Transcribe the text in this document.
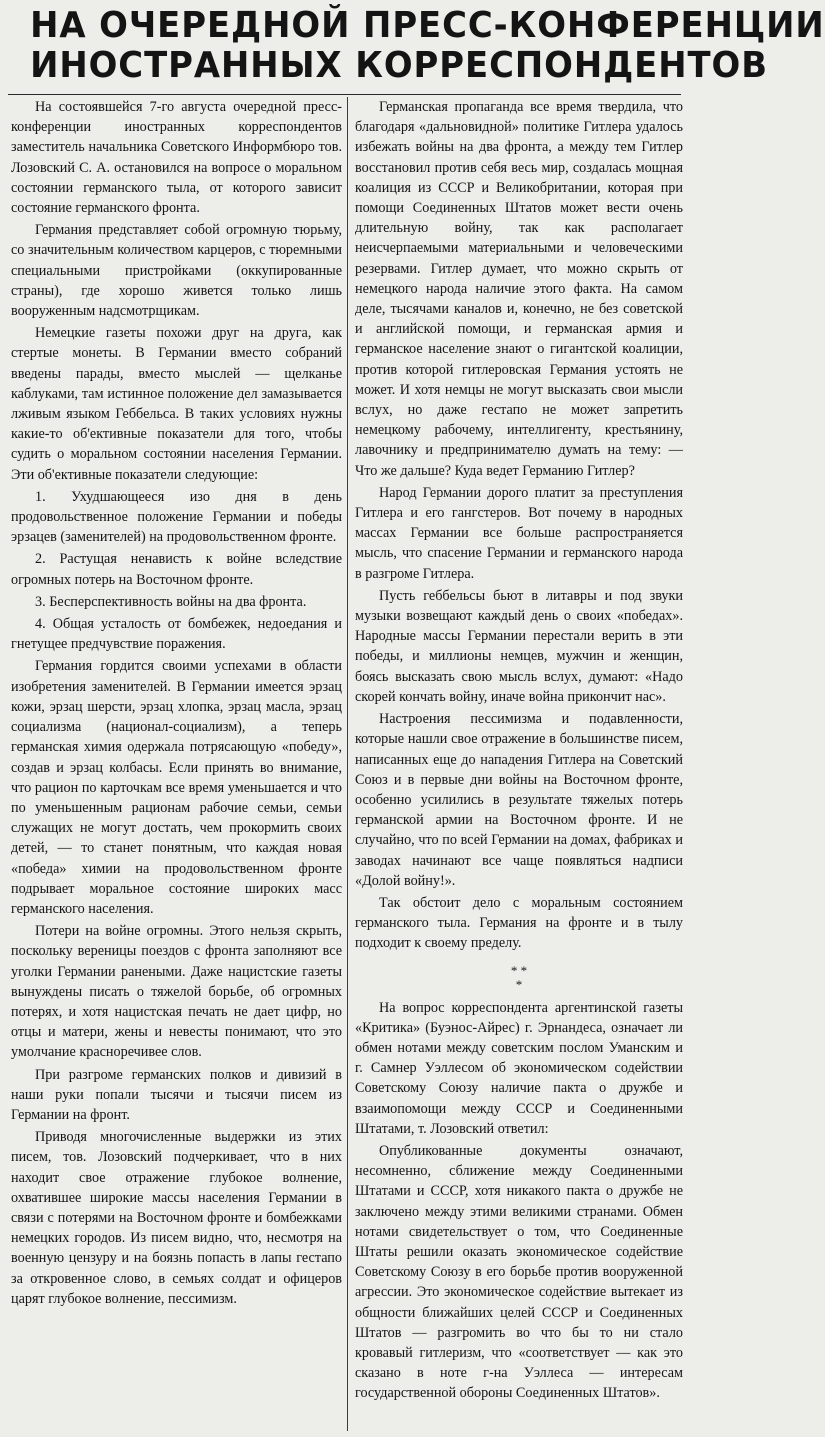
НА ОЧЕРЕДНОЙ ПРЕСС-КОНФЕРЕНЦИИ
ИНОСТРАННЫХ КОРРЕСПОНДЕНТОВ

На состоявшейся 7-го августа очередной пресс-конференции иностранных корреспондентов заместитель начальника Советского Информбюро тов. Лозовский С. А. остановился на вопросе о моральном состоянии германского тыла, от которого зависит состояние германского фронта.

Германия представляет собой огромную тюрьму, со значительным количеством карцеров, с тюремными специальными пристройками (оккупированные страны), где хорошо живется только лишь вооруженным надсмотрщикам.

Немецкие газеты похожи друг на друга, как стертые монеты. В Германии вместо собраний введены парады, вместо мыслей — щелканье каблуками, там истинное положение дел замазывается лживым языком Геббельса. В таких условиях нужны какие-то об'ективные показатели для того, чтобы судить о моральном состоянии населения Германии. Эти об'ективные показатели следующие:

1. Ухудшающееся изо дня в день продовольственное положение Германии и победы эрзацев (заменителей) на продовольственном фронте.

2. Растущая ненависть к войне вследствие огромных потерь на Восточном фронте.

3. Бесперспективность войны на два фронта.

4. Общая усталость от бомбежек, недоедания и гнетущее предчувствие поражения.

Германия гордится своими успехами в области изобретения заменителей. В Германии имеется эрзац кожи, эрзац шерсти, эрзац хлопка, эрзац масла, эрзац социализма (национал-социализм), а теперь германская химия одержала потрясающую «победу», создав и эрзац колбасы. Если принять во внимание, что рацион по карточкам все время уменьшается и что по уменьшенным рационам рабочие семьи, семьи служащих не могут достать, чем прокормить своих детей, — то станет понятным, что каждая новая «победа» химии на продовольственном фронте подрывает моральное состояние широких масс германского населения.

Потери на войне огромны. Этого нельзя скрыть, поскольку вереницы поездов с фронта заполняют все уголки Германии ранеными. Даже нацистские газеты вынуждены писать о тяжелой борьбе, об огромных потерях, и хотя нацистская печать не дает цифр, но отцы и матери, жены и невесты понимают, что это умолчание красноречивее слов.

При разгроме германских полков и дивизий в наши руки попали тысячи и тысячи писем из Германии на фронт.

Приводя многочисленные выдержки из этих писем, тов. Лозовский подчеркивает, что в них находит свое отражение глубокое волнение, охватившее широкие массы населения Германии в связи с потерями на Восточном фронте и бомбежками немецких городов. Из писем видно, что, несмотря на военную цензуру и на боязнь попасть в лапы гестапо за откровенное слово, в семьях солдат и офицеров царят глубокое волнение, пессимизм.

Германская пропаганда все время твердила, что благодаря «дальновидной» политике Гитлера удалось избежать войны на два фронта, а между тем Гитлер восстановил против себя весь мир, создалась мощная коалиция из СССР и Великобритании, которая при помощи Соединенных Штатов может вести очень длительную войну, так как располагает неисчерпаемыми материальными и человеческими резервами. Гитлер думает, что можно скрыть от немецкого народа наличие этого факта. На самом деле, тысячами каналов и, конечно, не без советской и английской помощи, и германская армия и германское население знают о гигантской коалиции, против которой гитлеровская Германия устоять не может. И хотя немцы не могут высказать свои мысли вслух, но даже гестапо не может запретить немецкому рабочему, интеллигенту, крестьянину, лавочнику и предпринимателю думать на тему: — Что же дальше? Куда ведет Германию Гитлер?

Народ Германии дорого платит за преступления Гитлера и его гангстеров. Вот почему в народных массах Германии все больше распространяется мысль, что спасение Германии и германского народа в разгроме Гитлера.

Пусть геббельсы бьют в литавры и под звуки музыки возвещают каждый день о своих «победах». Народные массы Германии перестали верить в эти победы, и миллионы немцев, мужчин и женщин, боясь высказать свою мысль вслух, думают: «Надо скорей кончать войну, иначе война прикончит нас».

Настроения пессимизма и подавленности, которые нашли свое отражение в большинстве писем, написанных еще до нападения Гитлера на Советский Союз и в первые дни войны на Восточном фронте, особенно усилились в результате тяжелых потерь германской армии на Восточном фронте. И не случайно, что по всей Германии на домах, фабриках и заводах начинают все чаще появляться надписи «Долой войну!».

Так обстоит дело с моральным состоянием германского тыла. Германия на фронте и в тылу подходит к своему пределу.

* *
*

На вопрос корреспондента аргентинской газеты «Критика» (Буэнос-Айрес) г. Эрнандеса, означает ли обмен нотами между советским послом Уманским и г. Самнер Уэллесом об экономическом содействии Советскому Союзу наличие пакта о дружбе и взаимопомощи между СССР и Соединенными Штатами, т. Лозовский ответил:

Опубликованные документы означают, несомненно, сближение между Соединенными Штатами и СССР, хотя никакого пакта о дружбе не заключено между этими великими странами. Обмен нотами свидетельствует о том, что Соединенные Штаты решили оказать экономическое содействие Советскому Союзу в его борьбе против вооруженной агрессии. Это экономическое содействие вытекает из общности ближайших целей СССР и Соединенных Штатов — разгромить во что бы то ни стало кровавый гитлеризм, что «соответствует — как это сказано в ноте г-на Уэллеса — интересам государственной обороны Соединенных Штатов».
